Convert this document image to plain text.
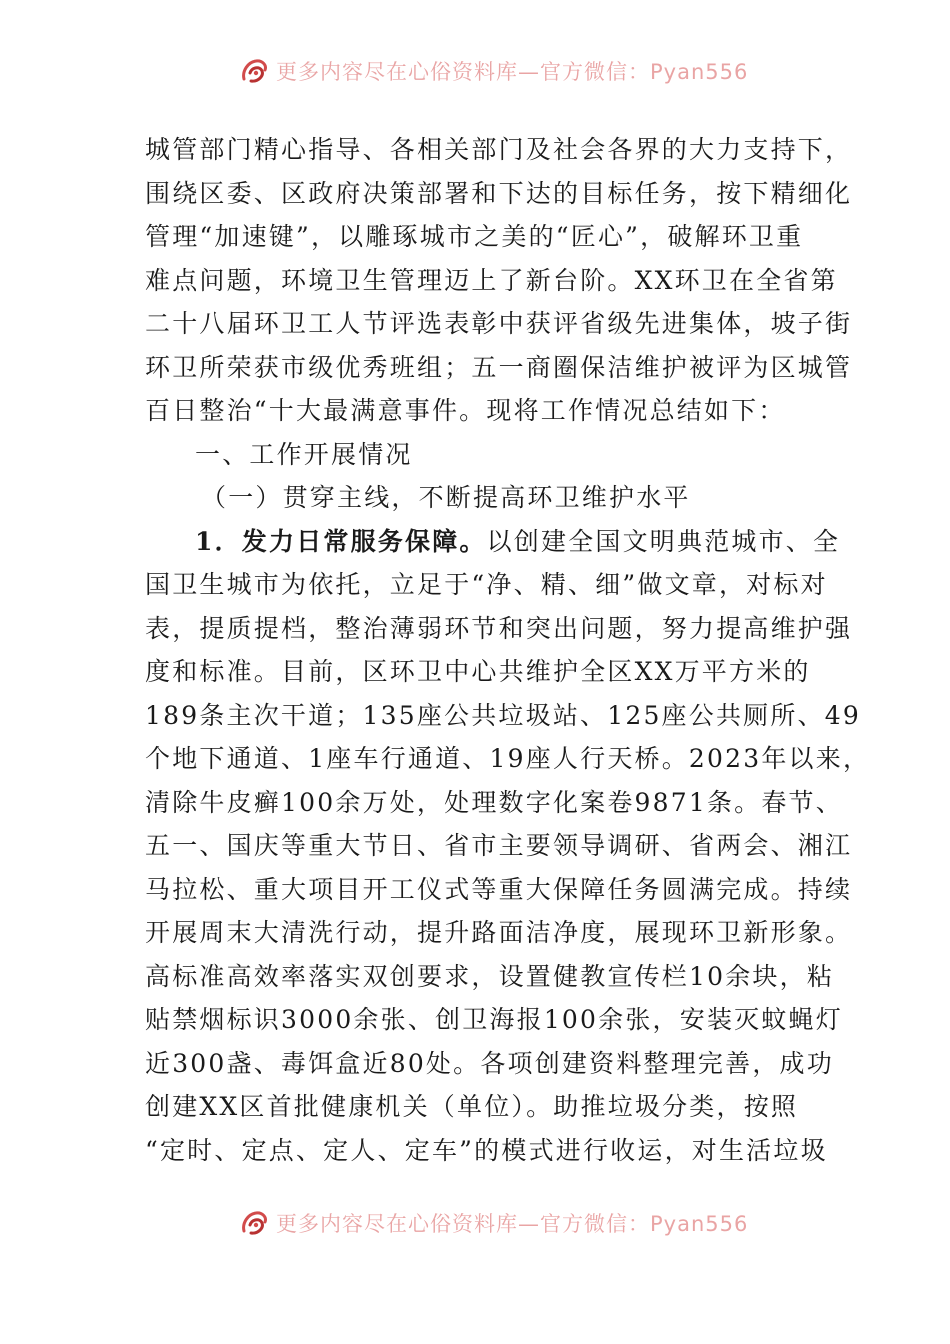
更多内容尽在心俗资料库—官方微信：Pyan556
城管部门精心指导、各相关部门及社会各界的大力支持下，
围绕区委、区政府决策部署和下达的目标任务，按下精细化
管理“加速键”，以雕琢城市之美的“匠心”，破解环卫重
难点问题，环境卫生管理迈上了新台阶。XX环卫在全省第
二十八届环卫工人节评选表彰中获评省级先进集体，坡子街
环卫所荣获市级优秀班组；五一商圈保洁维护被评为区城管
百日整治“十大最满意事件。现将工作情况总结如下：
一、工作开展情况
（一）贯穿主线，不断提高环卫维护水平
1．发力日常服务保障。以创建全国文明典范城市、全
国卫生城市为依托，立足于“净、精、细”做文章，对标对
表，提质提档，整治薄弱环节和突出问题，努力提高维护强
度和标准。目前，区环卫中心共维护全区XX万平方米的
189条主次干道；135座公共垃圾站、125座公共厕所、49
个地下通道、1座车行通道、19座人行天桥。2023年以来，
清除牛皮癣100余万处，处理数字化案卷9871条。春节、
五一、国庆等重大节日、省市主要领导调研、省两会、湘江
马拉松、重大项目开工仪式等重大保障任务圆满完成。持续
开展周末大清洗行动，提升路面洁净度，展现环卫新形象。
高标准高效率落实双创要求，设置健教宣传栏10余块，粘
贴禁烟标识3000余张、创卫海报100余张，安装灭蚊蝇灯
近300盏、毒饵盒近80处。各项创建资料整理完善，成功
创建XX区首批健康机关（单位）。助推垃圾分类，按照
“定时、定点、定人、定车”的模式进行收运，对生活垃圾
更多内容尽在心俗资料库—官方微信：Pyan556
